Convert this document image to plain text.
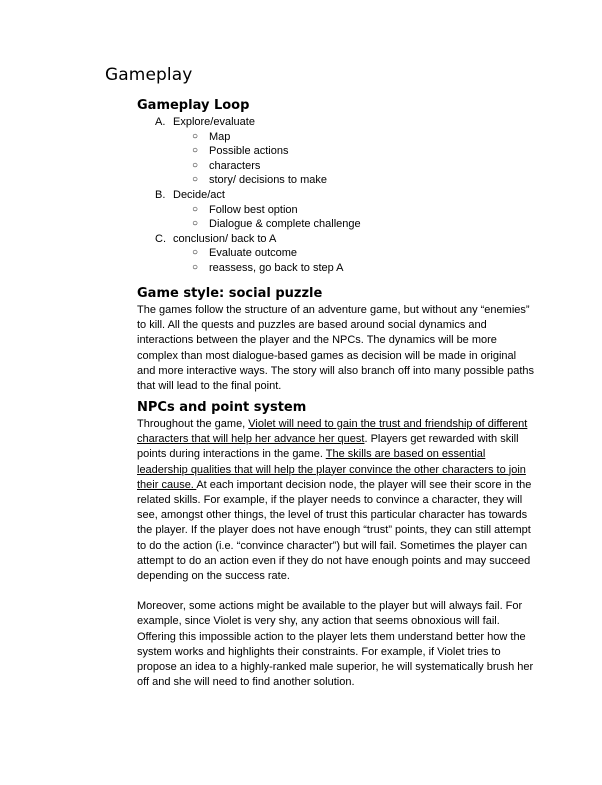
Gameplay
Gameplay Loop
A. Explore/evaluate
○ Map
○ Possible actions
○ characters
○ story/ decisions to make
B. Decide/act
○ Follow best option
○ Dialogue & complete challenge
C. conclusion/ back to A
○ Evaluate outcome
○ reassess, go back to step A
Game style: social puzzle

The games follow the structure of an adventure game, but without any “enemies” to kill. All the quests and puzzles are based around social dynamics and interactions between the player and the NPCs. The dynamics will be more complex than most dialogue-based games as decision will be made in original and more interactive ways. The story will also branch off into many possible paths that will lead to the final point.

NPCs and point system

Throughout the game, Violet will need to gain the trust and friendship of different characters that will help her advance her quest. Players get rewarded with skill points during interactions in the game. The skills are based on essential leadership qualities that will help the player convince the other characters to join their cause. At each important decision node, the player will see their score in the related skills. For example, if the player needs to convince a character, they will see, amongst other things, the level of trust this particular character has towards the player. If the player does not have enough “trust” points, they can still attempt to do the action (i.e. “convince character”) but will fail. Sometimes the player can attempt to do an action even if they do not have enough points and may succeed depending on the success rate.

Moreover, some actions might be available to the player but will always fail. For example, since Violet is very shy, any action that seems obnoxious will fail. Offering this impossible action to the player lets them understand better how the system works and highlights their constraints. For example, if Violet tries to propose an idea to a highly-ranked male superior, he will systematically brush her off and she will need to find another solution.
